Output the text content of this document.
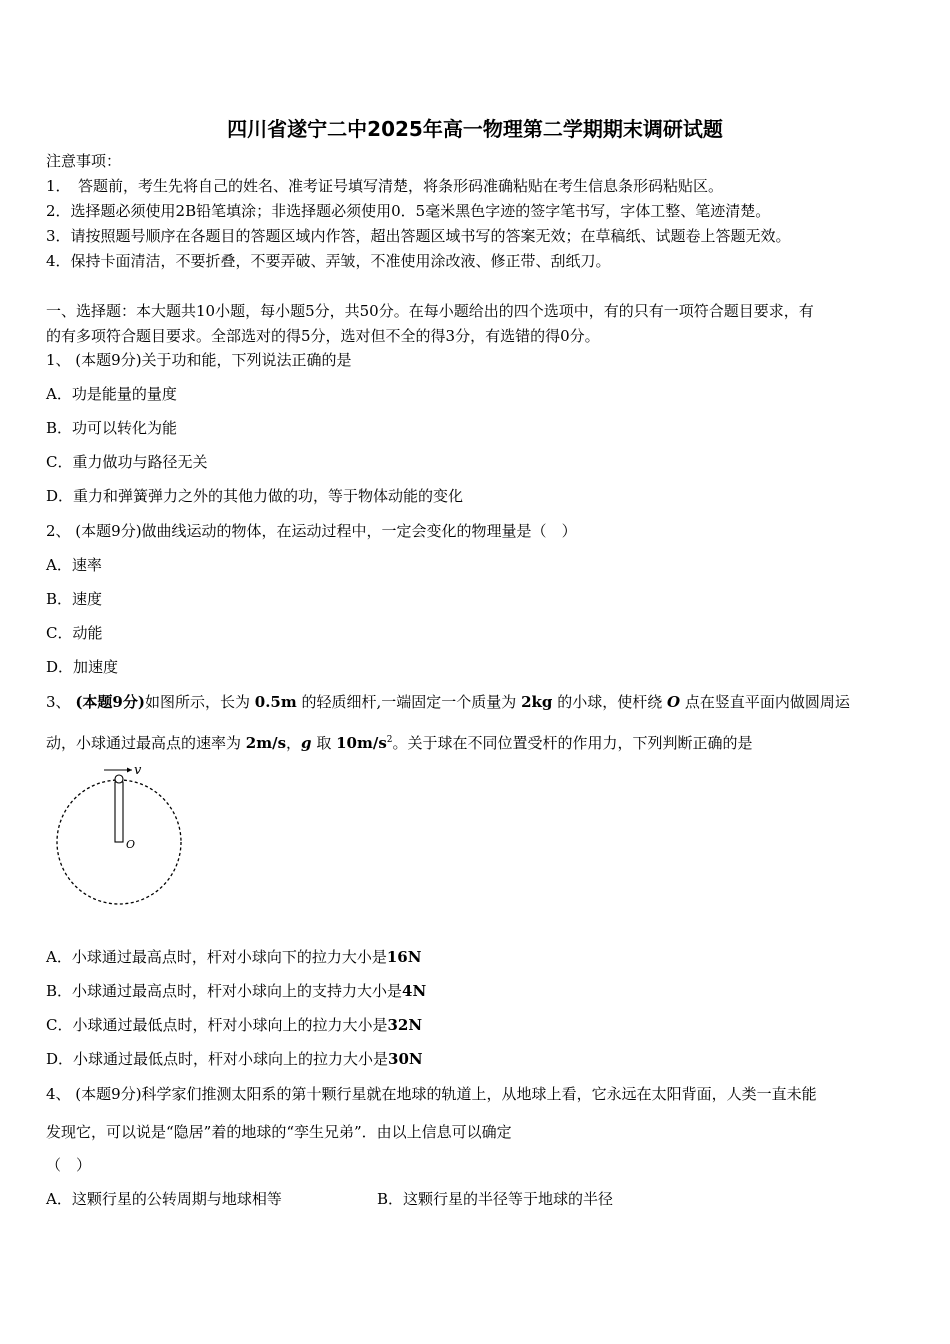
四川省遂宁二中2025年高一物理第二学期期末调研试题
注意事项：
1．　答题前，考生先将自己的姓名、准考证号填写清楚，将条形码准确粘贴在考生信息条形码粘贴区。
2．选择题必须使用2B铅笔填涂；非选择题必须使用0．5毫米黑色字迹的签字笔书写，字体工整、笔迹清楚。
3．请按照题号顺序在各题目的答题区域内作答，超出答题区域书写的答案无效；在草稿纸、试题卷上答题无效。
4．保持卡面清洁，不要折叠，不要弄破、弄皱，不准使用涂改液、修正带、刮纸刀。
一、选择题：本大题共10小题，每小题5分，共50分。在每小题给出的四个选项中，有的只有一项符合题目要求，有
的有多项符合题目要求。全部选对的得5分，选对但不全的得3分，有选错的得0分。
1、 (本题9分)关于功和能，下列说法正确的是
A．功是能量的量度
B．功可以转化为能
C．重力做功与路径无关
D．重力和弹簧弹力之外的其他力做的功，等于物体动能的变化
2、 (本题9分)做曲线运动的物体，在运动过程中，一定会变化的物理量是（　）
A．速率
B．速度
C．动能
D．加速度
3、 (本题9分)如图所示，长为 0.5m 的轻质细杆,一端固定一个质量为 2kg 的小球，使杆绕 O 点在竖直平面内做圆周运
动，小球通过最高点的速率为 2m/s，g 取 $10m/s^2$。关于球在不同位置受杆的作用力，下列判断正确的是
v
O
A．小球通过最高点时，杆对小球向下的拉力大小是16N
B．小球通过最高点时，杆对小球向上的支持力大小是4N
C．小球通过最低点时，杆对小球向上的拉力大小是32N
D．小球通过最低点时，杆对小球向上的拉力大小是30N
4、 (本题9分)科学家们推测太阳系的第十颗行星就在地球的轨道上，从地球上看，它永远在太阳背面，人类一直未能
发现它，可以说是“隐居”着的地球的“孪生兄弟”．由以上信息可以确定
（　）
A．这颗行星的公转周期与地球相等	B．这颗行星的半径等于地球的半径
